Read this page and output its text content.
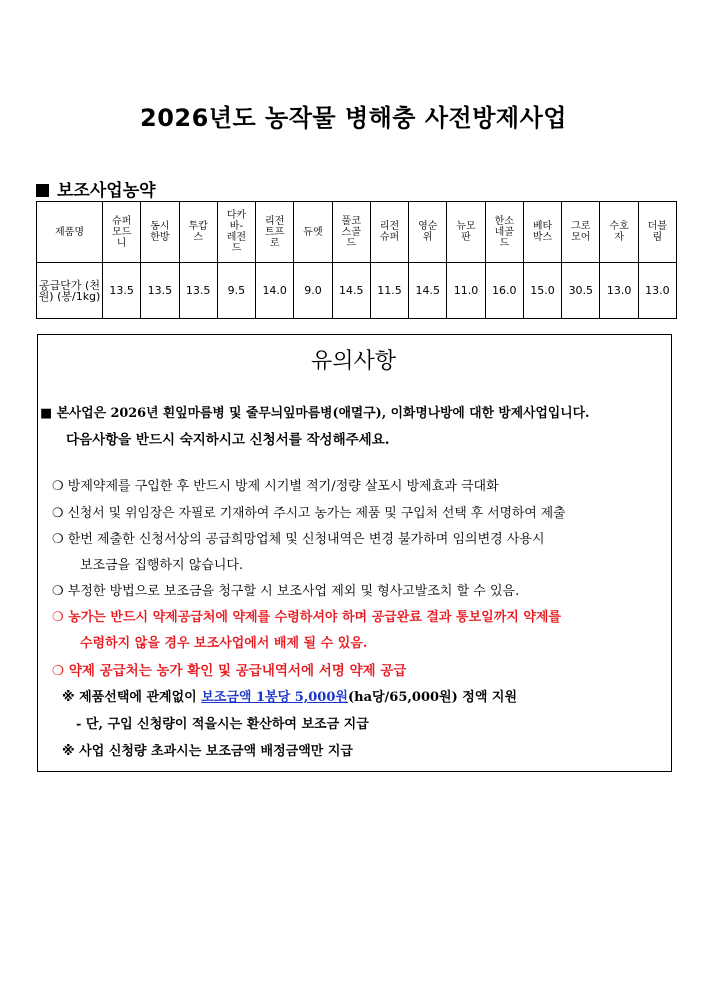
2026년도 농작물 병해충 사전방제사업
보조사업농약
제품명	슈퍼모드니	동시한방	투캅스	다카바-레전드	리전트프로	듀엣	풀코스골드	리전슈퍼	영순위	뉴모판	한소네골드	베타박스	그로모어	수호자	더블림
공급단가 (천원) (봉/1kg)	13.5	13.5	13.5	9.5	14.0	9.0	14.5	11.5	14.5	11.0	16.0	15.0	30.5	13.0	13.0
유의사항
■ 본사업은 2026년 흰잎마름병 및 줄무늬잎마름병(애멸구), 이화명나방에 대한 방제사업입니다.
다음사항을 반드시 숙지하시고 신청서를 작성해주세요.
❍ 방제약제를 구입한 후 반드시 방제 시기별 적기/정량 살포시 방제효과 극대화
❍ 신청서 및 위임장은 자필로 기재하여 주시고 농가는 제품 및 구입처 선택 후 서명하여 제출
❍ 한번 제출한 신청서상의 공급희망업체 및 신청내역은 변경 불가하며 임의변경 사용시
보조금을 집행하지 않습니다.
❍ 부정한 방법으로 보조금을 청구할 시 보조사업 제외 및 형사고발조치 할 수 있음.
❍ 농가는 반드시 약제공급처에 약제를 수령하셔야 하며 공급완료 결과 통보일까지 약제를
수령하지 않을 경우 보조사업에서 배제 될 수 있음.
❍ 약제 공급처는 농가 확인 및 공급내역서에 서명 약제 공급
※ 제품선택에 관계없이 보조금액 1봉당 5,000원(ha당/65,000원) 정액 지원
- 단, 구입 신청량이 적을시는 환산하여 보조금 지급
※ 사업 신청량 초과시는 보조금액 배정금액만 지급
